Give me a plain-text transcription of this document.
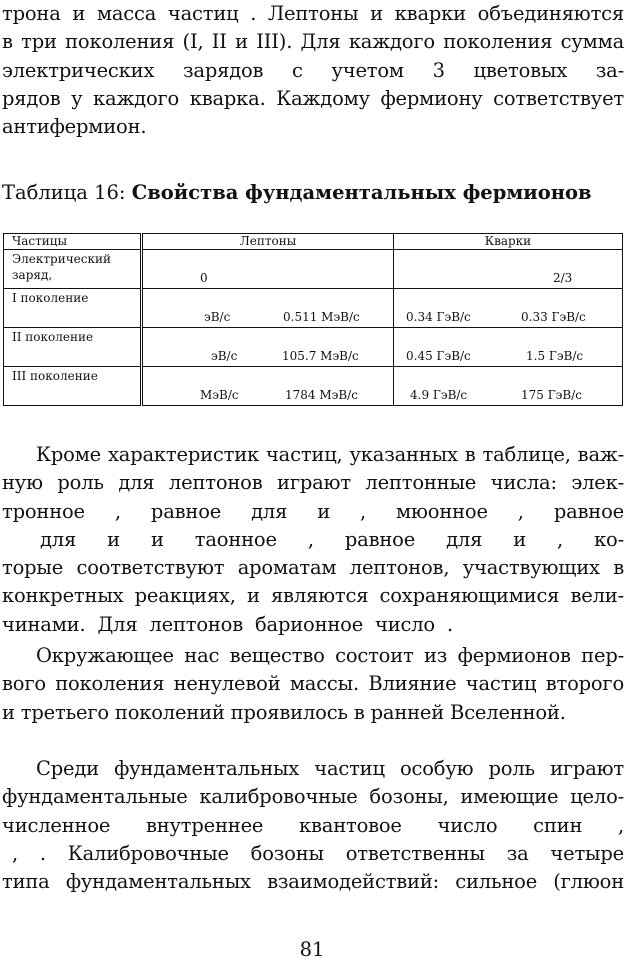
трона и масса частиц . Лептоны и кварки объединяются
в три поколения (I, II и III). Для каждого поколения сумма
электрических зарядов с учетом 3 цветовых за-
рядов у каждого кварка. Каждому фермиону сответствует
антифермион.
Таблица 16: Свойства фундаментальных фермионов
Частицы	Лептоны	Кварки

Электрический
заряд,	0	2/3

I поколение	эВ/с 0.511 МэВ/с	0.34 ГэВ/с 0.33 ГэВ/с

II поколение	эВ/с 105.7 МэВ/с	0.45 ГэВ/с 1.5 ГэВ/с

III поколение	МэВ/с 1784 МэВ/с	4.9 ГэВ/с 175 ГэВ/с
Кроме характеристик частиц, указанных в таблице, важ-
ную роль для лептонов играют лептонные числа: элек-
тронное , равное для и , мюонное , равное
для и и таонное , равное для и , ко-
торые соответствуют ароматам лептонов, участвующих в
конкретных реакциях, и являются сохраняющимися вели-
чинами. Для лептонов барионное число .
Окружающее нас вещество состоит из фермионов пер-
вого поколения ненулевой массы. Влияние частиц второго
и третьего поколений проявилось в ранней Вселенной.
Среди фундаментальных частиц особую роль играют
фундаментальные калибровочные бозоны, имеющие цело-
численное внутреннее квантовое число спин ,
, . Калибровочные бозоны ответственны за четыре
типа фундаментальных взаимодействий: сильное (глюон
81
